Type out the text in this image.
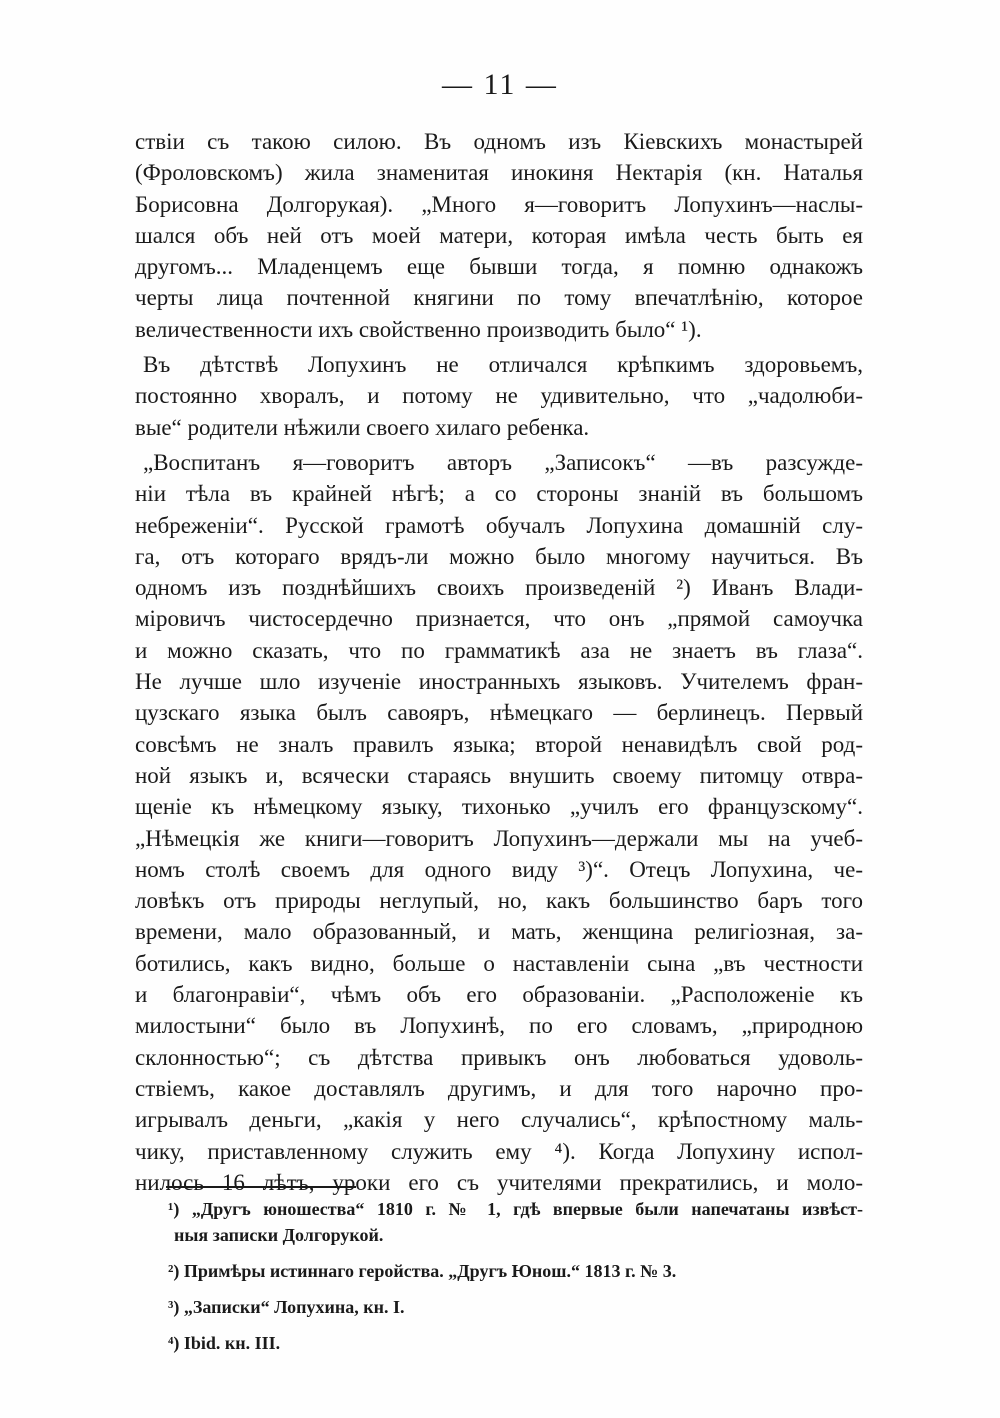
— 11 —
ствіи съ такою силою. Въ одномъ изъ Кіевскихъ монастырей
(Фроловскомъ) жила знаменитая инокиня Нектарія (кн. Наталья
Борисовна Долгорукая). „Много я—говоритъ Лопухинъ—наслы-
шался объ ней отъ моей матери, которая имѣла честь быть ея
другомъ... Младенцемъ еще бывши тогда, я помню однакожъ
черты лица почтенной княгини по тому впечатлѣнію, которое
величественности ихъ свойственно производить было“ ¹).
Въ дѣтствѣ Лопухинъ не отличался крѣпкимъ здоровьемъ,
постоянно хворалъ, и потому не удивительно, что „чадолюби-
вые“ родители нѣжили своего хилаго ребенка.
„Воспитанъ я—говоритъ авторъ „Записокъ“ —въ разсужде-
ніи тѣла въ крайней нѣгѣ; а со стороны знаній въ большомъ
небреженіи“. Русской грамотѣ обучалъ Лопухина домашній слу-
га, отъ котораго врядъ-ли можно было многому научиться. Въ
одномъ изъ позднѣйшихъ своихъ произведеній ²) Иванъ Влади-
міровичъ чистосердечно признается, что онъ „прямой самоучка
и можно сказать, что по грамматикѣ аза не знаетъ въ глаза“.
Не лучше шло изученіе иностранныхъ языковъ. Учителемъ фран-
цузскаго языка былъ савояръ, нѣмецкаго — берлинецъ. Первый
совсѣмъ не зналъ правилъ языка; второй ненавидѣлъ свой род-
ной языкъ и, всячески стараясь внушить своему питомцу отвра-
щеніе къ нѣмецкому языку, тихонько „училъ его французскому“.
„Нѣмецкія же книги—говоритъ Лопухинъ—держали мы на учеб-
номъ столѣ своемъ для одного виду ³)“. Отецъ Лопухина, че-
ловѣкъ отъ природы неглупый, но, какъ большинство баръ того
времени, мало образованный, и мать, женщина религіозная, за-
ботились, какъ видно, больше о наставленіи сына „въ честности
и благонравіи“, чѣмъ объ его образованіи. „Расположеніе къ
милостыни“ было въ Лопухинѣ, по его словамъ, „природною
склонностью“; съ дѣтства привыкъ онъ любоваться удоволь-
ствіемъ, какое доставлялъ другимъ, и для того нарочно про-
игрывалъ деньги, „какія у него случались“, крѣпостному маль-
чику, приставленному служить ему ⁴). Когда Лопухину испол-
нилось 16 лѣтъ, уроки его съ учителями прекратились, и моло-
¹) „Другъ юношества“ 1810 г. № 1, гдѣ впервые были напечатаны извѣст-
ныя записки Долгорукой.
²) Примѣры истиннаго геройства. „Другъ Юнош.“ 1813 г. № 3.
³) „Записки“ Лопухина, кн. I.
⁴) Ibid. кн. III.
